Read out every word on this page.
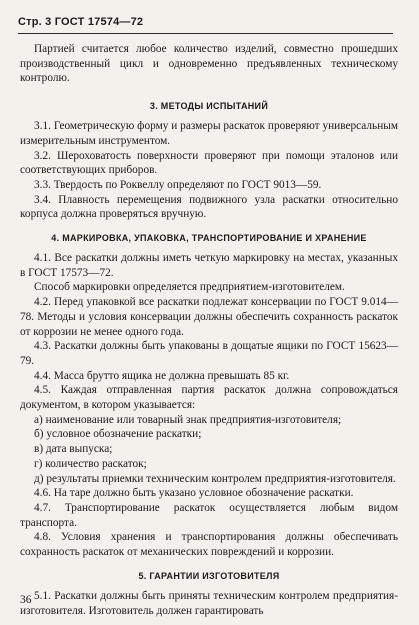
Стр. 3 ГОСТ 17574—72

Партией считается любое количество изделий, совместно прошедших производственный цикл и одновременно предъявленных техническому контролю.

3. МЕТОДЫ ИСПЫТАНИЙ

3.1. Геометрическую форму и размеры раскаток проверяют универсальным измерительным инструментом.

3.2. Шероховатость поверхности проверяют при помощи эталонов или соответствующих приборов.

3.3. Твердость по Роквеллу определяют по ГОСТ 9013—59.

3.4. Плавность перемещения подвижного узла раскатки относительно корпуса должна проверяться вручную.

4. МАРКИРОВКА, УПАКОВКА, ТРАНСПОРТИРОВАНИЕ И ХРАНЕНИЕ

4.1. Все раскатки должны иметь четкую маркировку на местах, указанных в ГОСТ 17573—72.

Способ маркировки определяется предприятием-изготовителем.

4.2. Перед упаковкой все раскатки подлежат консервации по ГОСТ 9.014—78. Методы и условия консервации должны обеспечить сохранность раскаток от коррозии не менее одного года.

4.3. Раскатки должны быть упакованы в дощатые ящики по ГОСТ 15623—79.

4.4. Масса брутто ящика не должна превышать 85 кг.

4.5. Каждая отправленная партия раскаток должна сопровождаться документом, в котором указывается:

а) наименование или товарный знак предприятия-изготовителя;

б) условное обозначение раскатки;

в) дата выпуска;

г) количество раскаток;

д) результаты приемки техническим контролем предприятия-изготовителя.

4.6. На таре должно быть указано условное обозначение раскатки.

4.7. Транспортирование раскаток осуществляется любым видом транспорта.

4.8. Условия хранения и транспортирования должны обеспечивать сохранность раскаток от механических повреждений и коррозии.

5. ГАРАНТИИ ИЗГОТОВИТЕЛЯ

5.1. Раскатки должны быть приняты техническим контролем предприятия-изготовителя. Изготовитель должен гарантировать

36
